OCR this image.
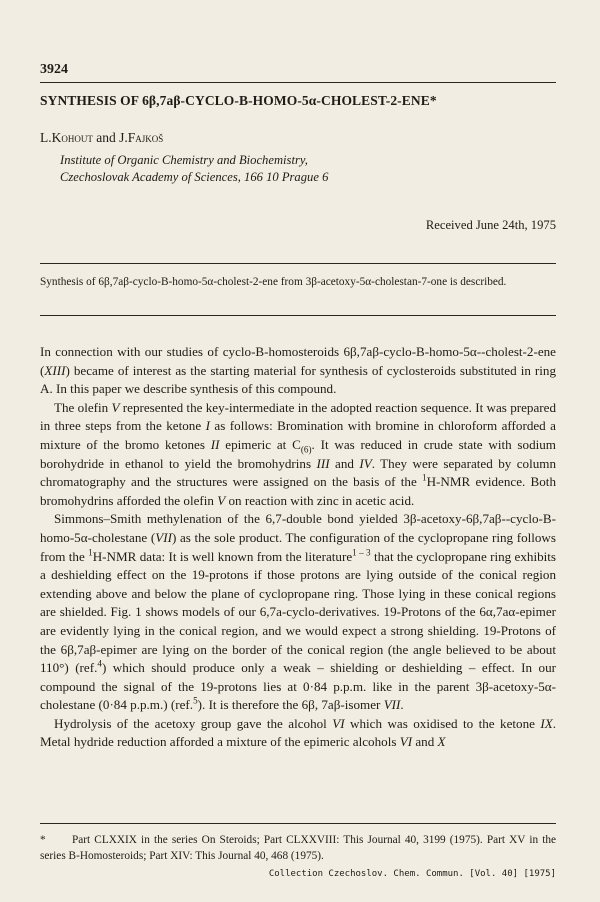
3924
SYNTHESIS OF 6β,7aβ-CYCLO-B-HOMO-5α-CHOLEST-2-ENE*
L.Kohout and J.Fajkoš
Institute of Organic Chemistry and Biochemistry,
Czechoslovak Academy of Sciences, 166 10 Prague 6
Received June 24th, 1975
Synthesis of 6β,7aβ-cyclo-B-homo-5α-cholest-2-ene from 3β-acetoxy-5α-cholestan-7-one is described.

In connection with our studies of cyclo-B-homosteroids 6β,7aβ-cyclo-B-homo-5α--cholest-2-ene (XIII) became of interest as the starting material for synthesis of cyclosteroids substituted in ring A. In this paper we describe synthesis of this compound.

The olefin V represented the key-intermediate in the adopted reaction sequence. It was prepared in three steps from the ketone I as follows: Bromination with bromine in chloroform afforded a mixture of the bromo ketones II epimeric at $C_{(6)}$. It was reduced in crude state with sodium borohydride in ethanol to yield the bromohydrins III and IV. They were separated by column chromatography and the structures were assigned on the basis of the $^1$H-NMR evidence. Both bromohydrins afforded the olefin V on reaction with zinc in acetic acid.

Simmons–Smith methylenation of the 6,7-double bond yielded 3β-acetoxy-6β,7aβ--cyclo-B-homo-5α-cholestane (VII) as the sole product. The configuration of the cyclopropane ring follows from the $^1$H-NMR data: It is well known from the literature$^{1 - 3}$ that the cyclopropane ring exhibits a deshielding effect on the 19-protons if those protons are lying outside of the conical region extending above and below the plane of cyclopropane ring. Those lying in these conical regions are shielded. Fig. 1 shows models of our 6,7a-cyclo-derivatives. 19-Protons of the 6α,7aα-epimer are evidently lying in the conical region, and we would expect a strong shielding. 19-Protons of the 6β,7aβ-epimer are lying on the border of the conical region (the angle believed to be about 110°) (ref.$^4$) which should produce only a weak – shielding or deshielding – effect. In our compound the signal of the 19-protons lies at 0·84 p.p.m. like in the parent 3β-acetoxy-5α-cholestane (0·84 p.p.m.) (ref.$^5$). It is therefore the 6β, 7aβ-isomer VII.

Hydrolysis of the acetoxy group gave the alcohol VI which was oxidised to the ketone IX. Metal hydride reduction afforded a mixture of the epimeric alcohols VI and X

* Part CLXXIX in the series On Steroids; Part CLXXVIII: This Journal 40, 3199 (1975). Part XV in the series B-Homosteroids; Part XIV: This Journal 40, 468 (1975).
Collection Czechoslov. Chem. Commun. [Vol. 40] [1975]
